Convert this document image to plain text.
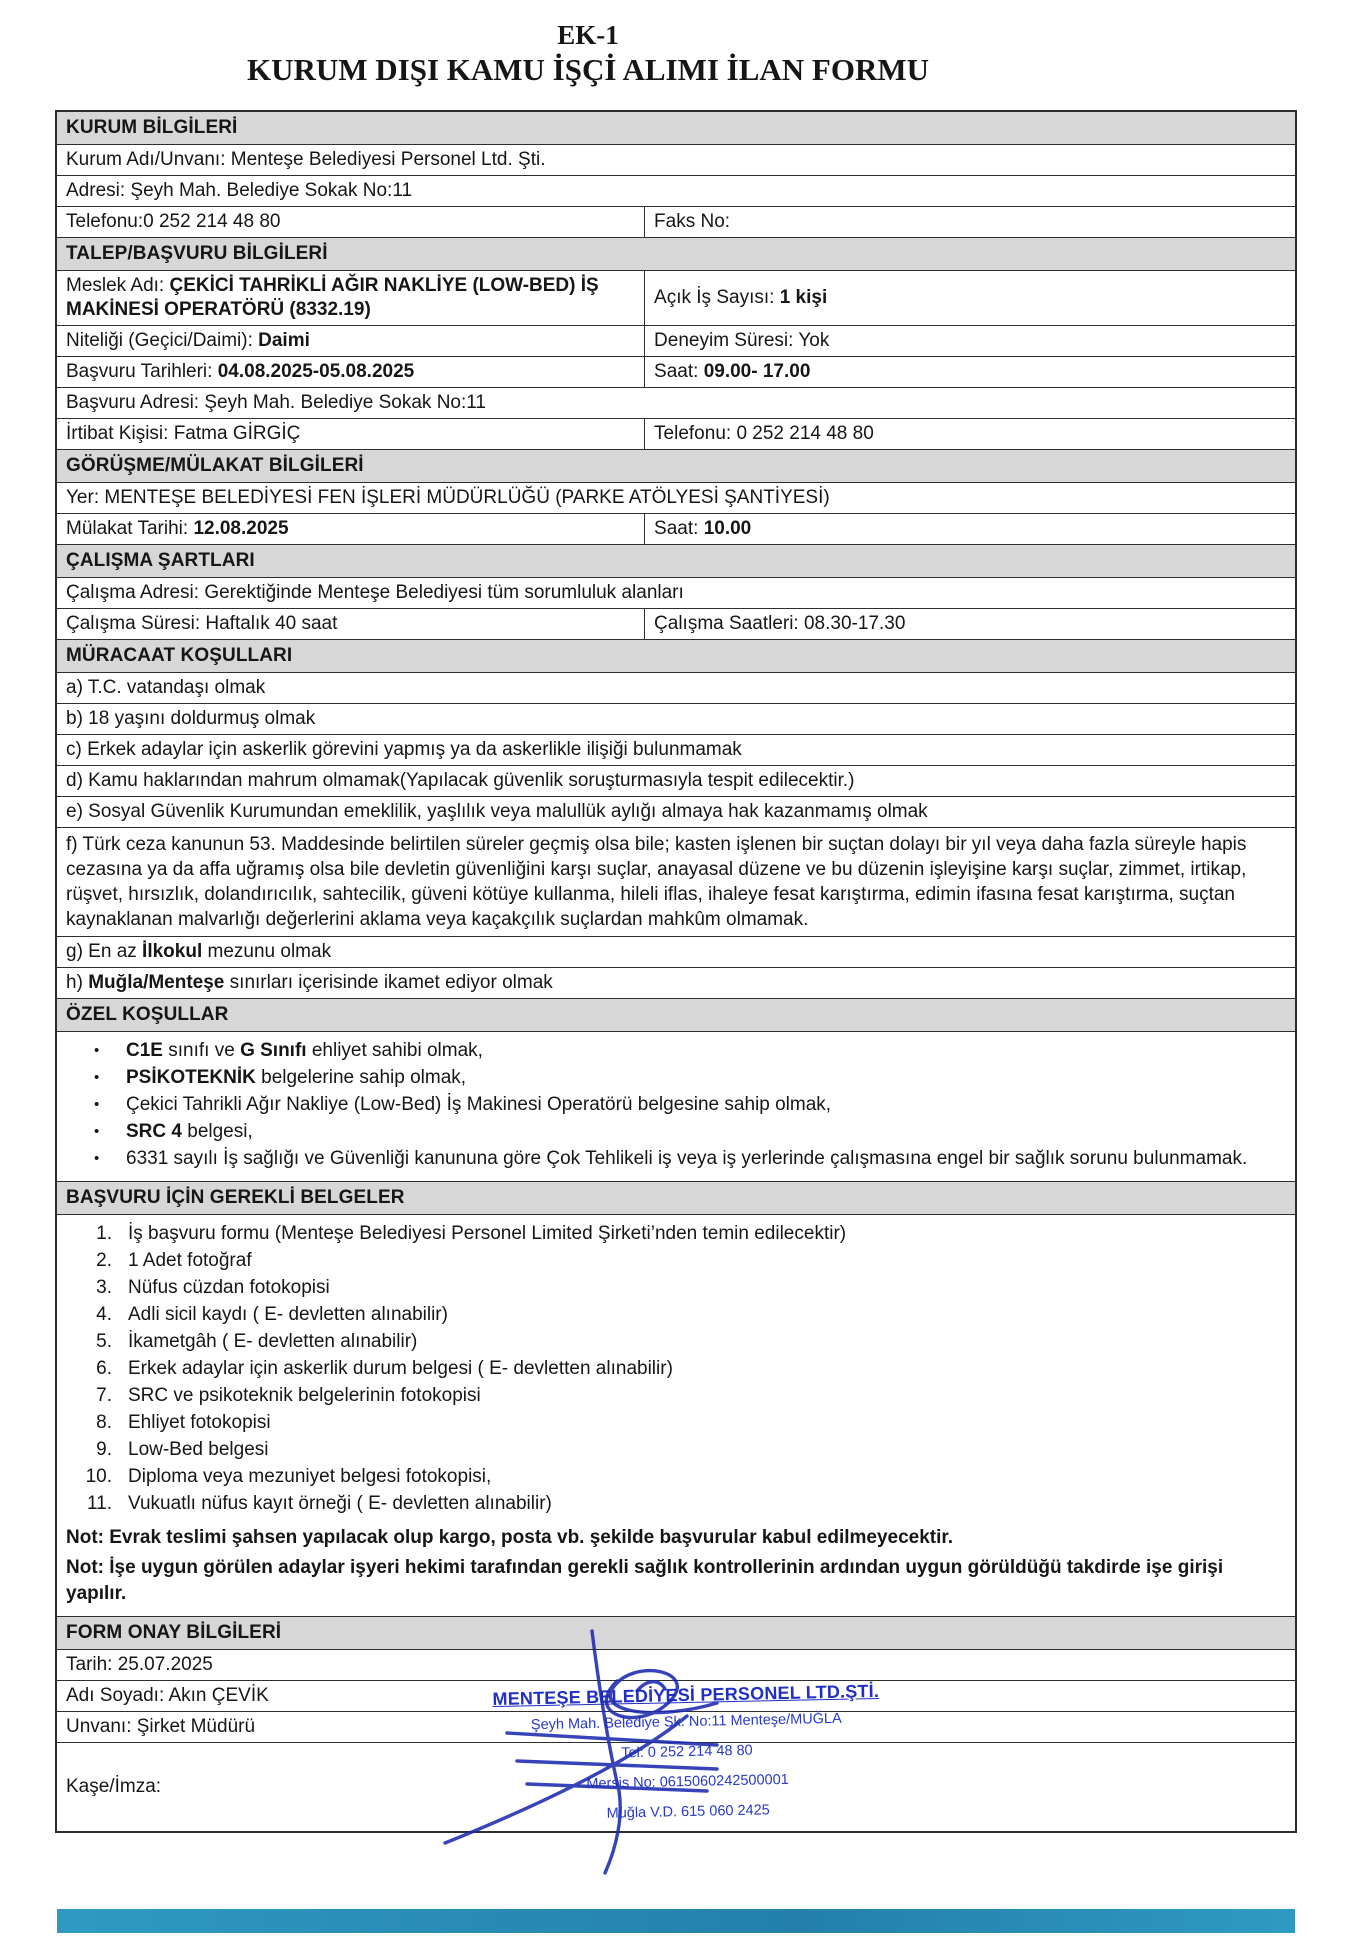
EK-1
KURUM DIŞI KAMU İŞÇİ ALIMI İLAN FORMU
KURUM BİLGİLERİ
Kurum Adı/Unvanı: Menteşe Belediyesi Personel Ltd. Şti.
Adresi: Şeyh Mah. Belediye Sokak No:11
Telefonu:0 252 214 48 80	Faks No:
TALEP/BAŞVURU BİLGİLERİ
Meslek Adı: ÇEKİCİ TAHRİKLİ AĞIR NAKLİYE (LOW-BED) İŞ MAKİNESİ OPERATÖRÜ (8332.19)
Açık İş Sayısı: 1 kişi
Niteliği (Geçici/Daimi): Daimi	Deneyim Süresi: Yok
Başvuru Tarihleri: 04.08.2025-05.08.2025	Saat: 09.00- 17.00
Başvuru Adresi: Şeyh Mah. Belediye Sokak No:11
İrtibat Kişisi: Fatma GİRGİÇ	Telefonu: 0 252 214 48 80
GÖRÜŞME/MÜLAKAT BİLGİLERİ
Yer: MENTEŞE BELEDİYESİ FEN İŞLERİ MÜDÜRLÜĞÜ (PARKE ATÖLYESİ ŞANTİYESİ)
Mülakat Tarihi: 12.08.2025	Saat: 10.00
ÇALIŞMA ŞARTLARI
Çalışma Adresi: Gerektiğinde Menteşe Belediyesi tüm sorumluluk alanları
Çalışma Süresi: Haftalık 40 saat	Çalışma Saatleri: 08.30-17.30
MÜRACAAT KOŞULLARI
a) T.C. vatandaşı olmak
b) 18 yaşını doldurmuş olmak
c) Erkek adaylar için askerlik görevini yapmış ya da askerlikle ilişiği bulunmamak
d) Kamu haklarından mahrum olmamak(Yapılacak güvenlik soruşturmasıyla tespit edilecektir.)
e) Sosyal Güvenlik Kurumundan emeklilik, yaşlılık veya malullük aylığı almaya hak kazanmamış olmak
f) Türk ceza kanunun 53. Maddesinde belirtilen süreler geçmiş olsa bile; kasten işlenen bir suçtan dolayı bir yıl veya daha fazla süreyle hapis cezasına ya da affa uğramış olsa bile devletin güvenliğini karşı suçlar, anayasal düzene ve bu düzenin işleyişine karşı suçlar, zimmet, irtikap, rüşvet, hırsızlık, dolandırıcılık, sahtecilik, güveni kötüye kullanma, hileli iflas, ihaleye fesat karıştırma, edimin ifasına fesat karıştırma, suçtan kaynaklanan malvarlığı değerlerini aklama veya kaçakçılık suçlardan mahkûm olmamak.
g) En az İlkokul mezunu olmak
h) Muğla/Menteşe sınırları içerisinde ikamet ediyor olmak
ÖZEL KOŞULLAR
•	C1E sınıfı ve G Sınıfı ehliyet sahibi olmak,
•	PSİKOTEKNİK belgelerine sahip olmak,
•	Çekici Tahrikli Ağır Nakliye (Low-Bed) İş Makinesi Operatörü belgesine sahip olmak,
•	SRC 4 belgesi,
•	6331 sayılı İş sağlığı ve Güvenliği kanununa göre Çok Tehlikeli iş veya iş yerlerinde çalışmasına engel bir sağlık sorunu bulunmamak.
BAŞVURU İÇİN GEREKLİ BELGELER
1. İş başvuru formu (Menteşe Belediyesi Personel Limited Şirketi’nden temin edilecektir)
2. 1 Adet fotoğraf
3. Nüfus cüzdan fotokopisi
4. Adli sicil kaydı ( E- devletten alınabilir)
5. İkametgâh ( E- devletten alınabilir)
6. Erkek adaylar için askerlik durum belgesi ( E- devletten alınabilir)
7. SRC ve psikoteknik belgelerinin fotokopisi
8. Ehliyet fotokopisi
9. Low-Bed belgesi
10. Diploma veya mezuniyet belgesi fotokopisi,
11. Vukuatlı nüfus kayıt örneği ( E- devletten alınabilir)
Not: Evrak teslimi şahsen yapılacak olup kargo, posta vb. şekilde başvurular kabul edilmeyecektir.
Not: İşe uygun görülen adaylar işyeri hekimi tarafından gerekli sağlık kontrollerinin ardından uygun görüldüğü takdirde işe girişi yapılır.
FORM ONAY BİLGİLERİ
Tarih: 25.07.2025
Adı Soyadı: Akın ÇEVİK
Unvanı: Şirket Müdürü
Kaşe/İmza:
MENTEŞE BELEDİYESİ PERSONEL LTD.ŞTİ.
Şeyh Mah. Belediye Sk. No:11 Menteşe/MUĞLA
Tel: 0 252 214 48 80
Mersis No: 0615060242500001
Muğla V.D. 615 060 2425
